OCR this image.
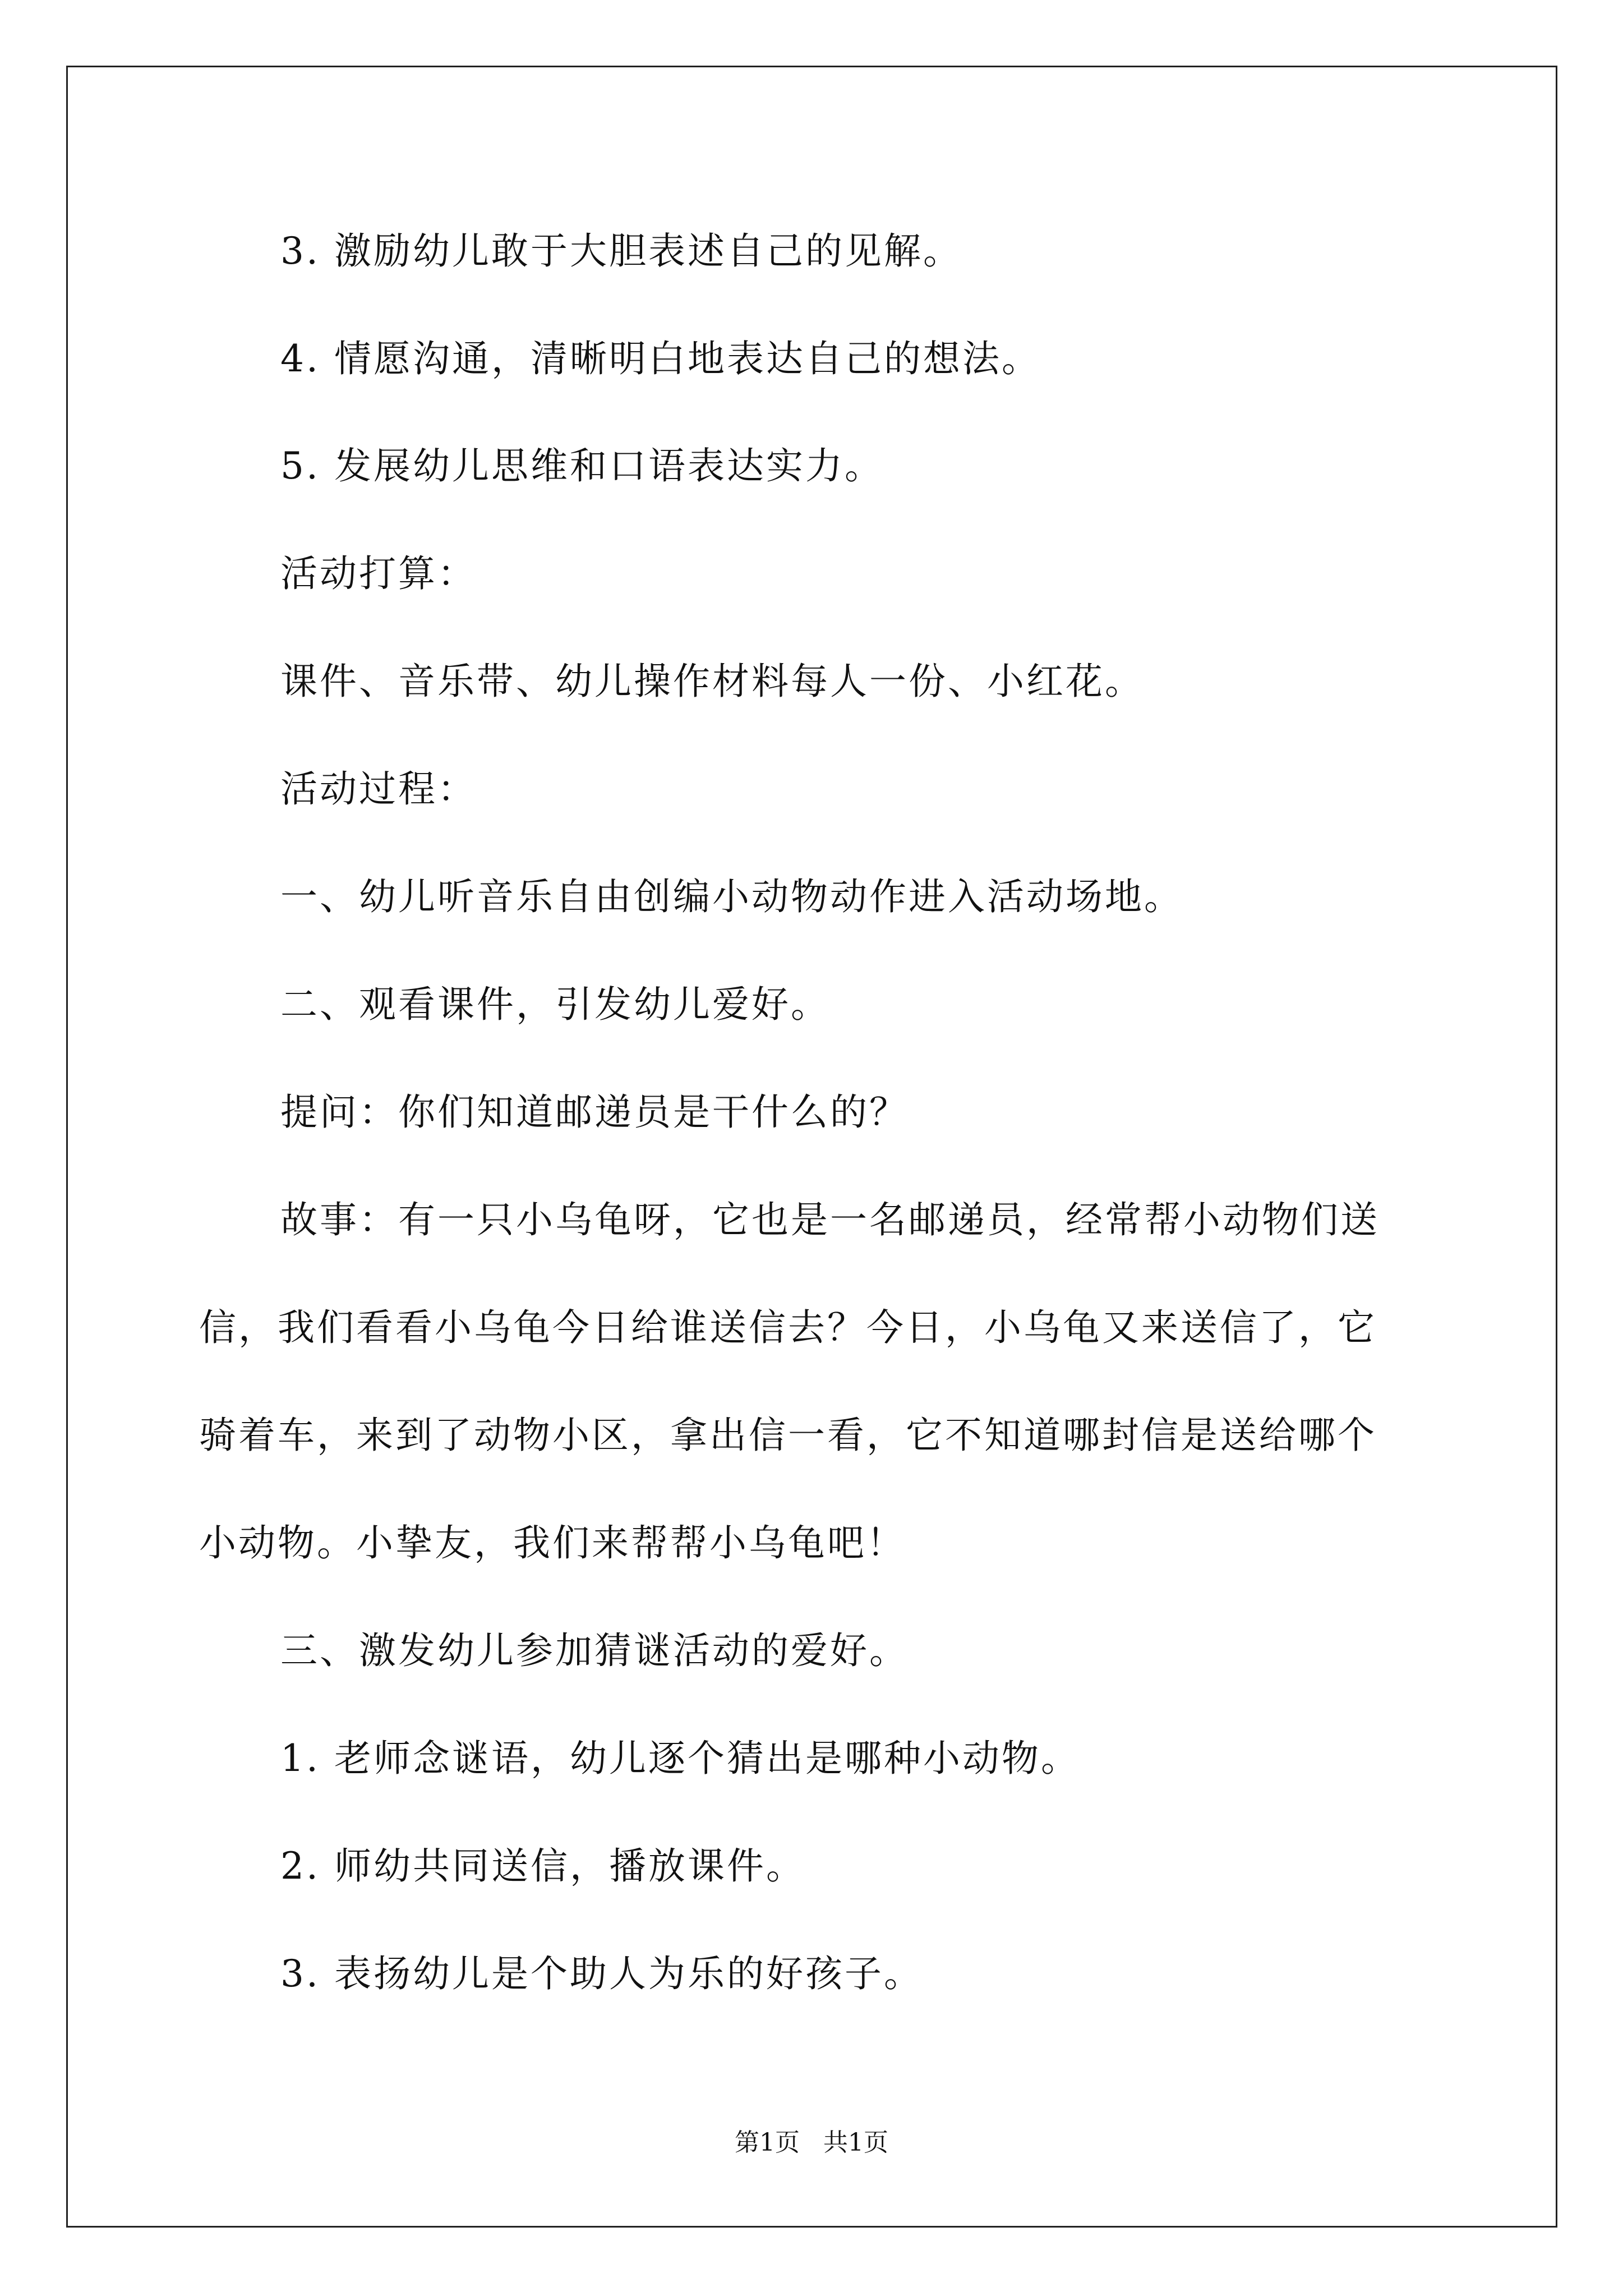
3. 激励幼儿敢于大胆表述自己的见解。
4. 情愿沟通，清晰明白地表达自己的想法。
5. 发展幼儿思维和口语表达实力。
活动打算：
课件、音乐带、幼儿操作材料每人一份、小红花。
活动过程：
一、幼儿听音乐自由创编小动物动作进入活动场地。
二、观看课件，引发幼儿爱好。
提问：你们知道邮递员是干什么的？
故事：有一只小乌龟呀，它也是一名邮递员，经常帮小动物们送
信，我们看看小乌龟今日给谁送信去？今日，小乌龟又来送信了，它
骑着车，来到了动物小区，拿出信一看，它不知道哪封信是送给哪个
小动物。小挚友，我们来帮帮小乌龟吧！
三、激发幼儿参加猜谜活动的爱好。
1. 老师念谜语，幼儿逐个猜出是哪种小动物。
2. 师幼共同送信，播放课件。
3. 表扬幼儿是个助人为乐的好孩子。
第1页   共1页
